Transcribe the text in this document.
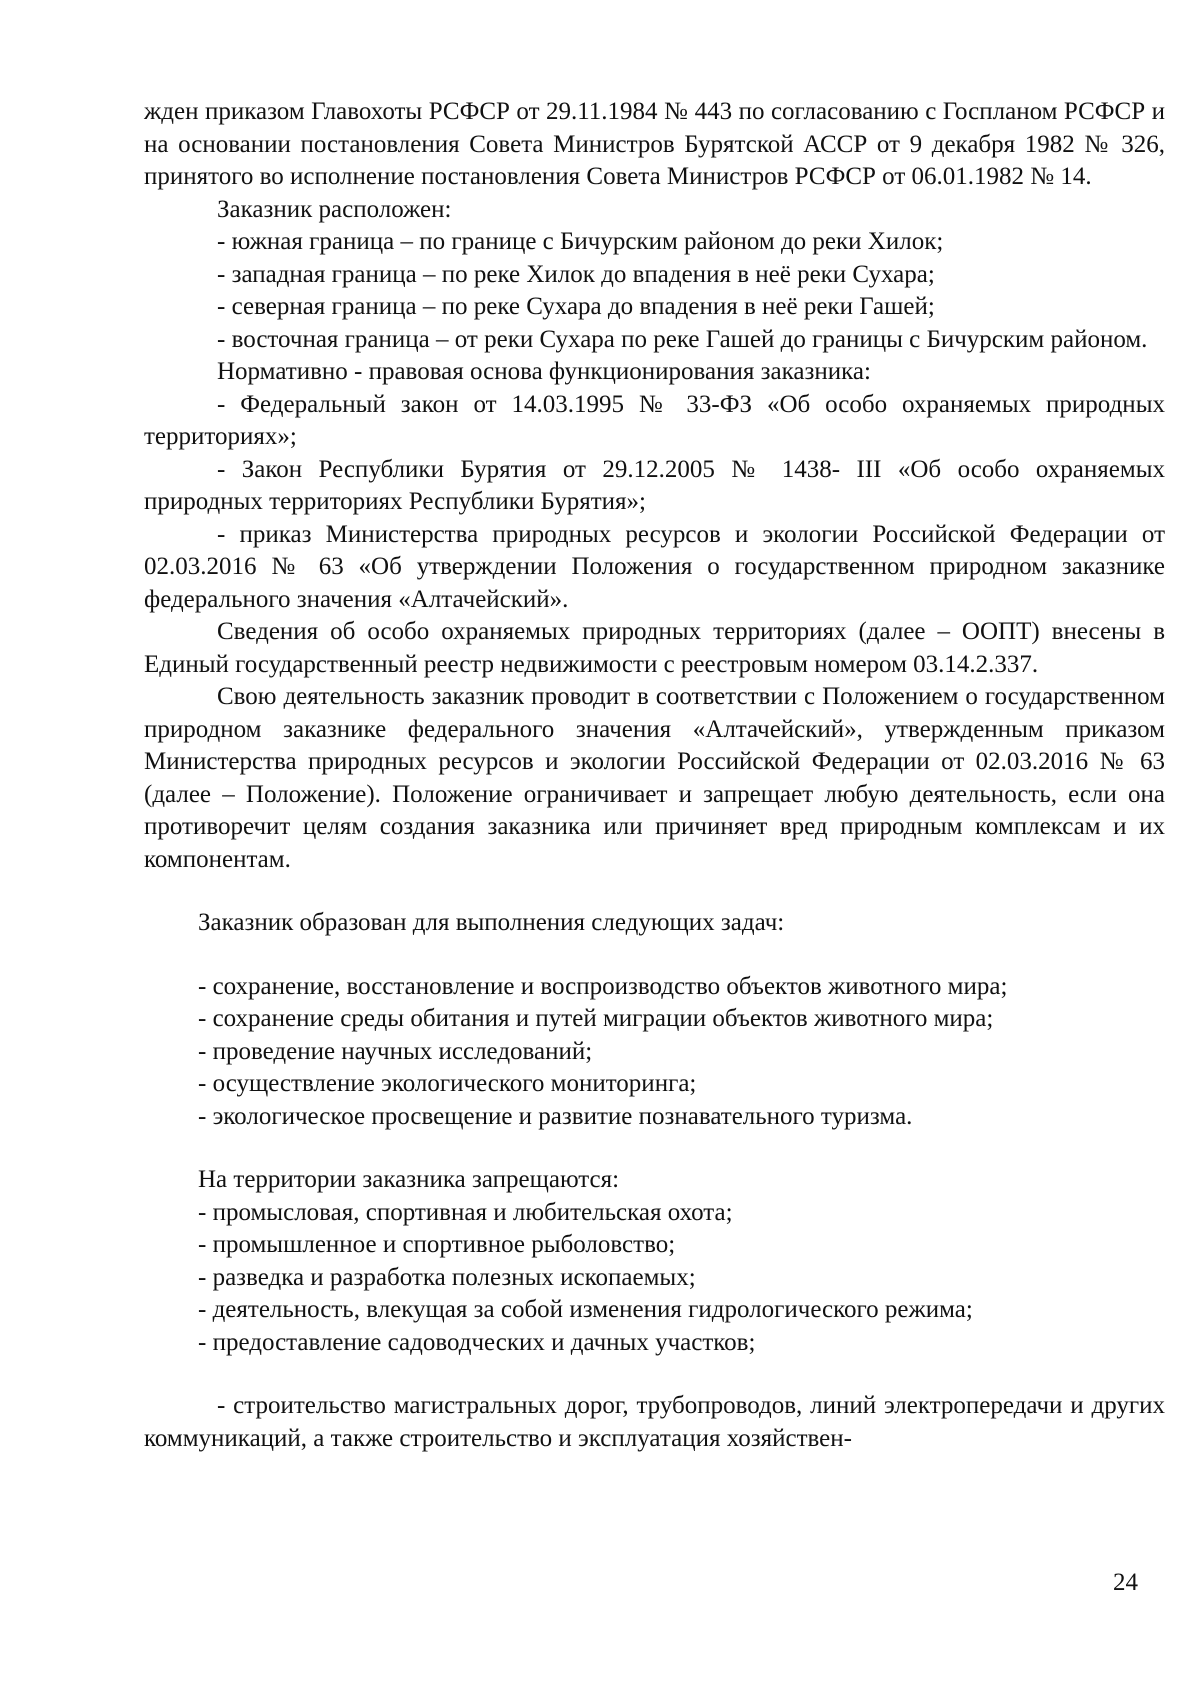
жден приказом Главохоты РСФСР от 29.11.1984 № 443 по согласованию с Госпланом РСФСР и на основании постановления Совета Министров Бурятской АССР от 9 декабря 1982 № 326, принятого во исполнение постановления Совета Министров РСФСР от 06.01.1982 № 14.

Заказник расположен:

- южная граница – по границе с Бичурским районом до реки Хилок;

- западная граница – по реке Хилок до впадения в неё реки Сухара;

- северная граница – по реке Сухара до впадения в неё реки Гашей;

- восточная граница – от реки Сухара по реке Гашей до границы с Бичурским районом.

Нормативно - правовая основа функционирования заказника:

- Федеральный закон от 14.03.1995 № 33-ФЗ «Об особо охраняемых природных территориях»;

- Закон Республики Бурятия от 29.12.2005 № 1438- III «Об особо охраняемых природных территориях Республики Бурятия»;

- приказ Министерства природных ресурсов и экологии Российской Федерации от 02.03.2016 № 63 «Об утверждении Положения о государственном природном заказнике федерального значения «Алтачейский».

Сведения об особо охраняемых природных территориях (далее – ООПТ) внесены в Единый государственный реестр недвижимости с реестровым номером 03.14.2.337.

Свою деятельность заказник проводит в соответствии с Положением о государственном природном заказнике федерального значения «Алтачейский», утвержденным приказом Министерства природных ресурсов и экологии Российской Федерации от 02.03.2016 № 63 (далее – Положение). Положение ограничивает и запрещает любую деятельность, если она противоречит целям создания заказника или причиняет вред природным комплексам и их компонентам.

Заказник образован для выполнения следующих задач:

- сохранение, восстановление и воспроизводство объектов животного мира;

- сохранение среды обитания и путей миграции объектов животного мира;

- проведение научных исследований;

- осуществление экологического мониторинга;

- экологическое просвещение и развитие познавательного туризма.

На территории заказника запрещаются:

- промысловая, спортивная и любительская охота;

- промышленное и спортивное рыболовство;

- разведка и разработка полезных ископаемых;

- деятельность, влекущая за собой изменения гидрологического режима;

- предоставление садоводческих и дачных участков;

- строительство магистральных дорог, трубопроводов, линий электропередачи и других коммуникаций, а также строительство и эксплуатация хозяйствен-

24
